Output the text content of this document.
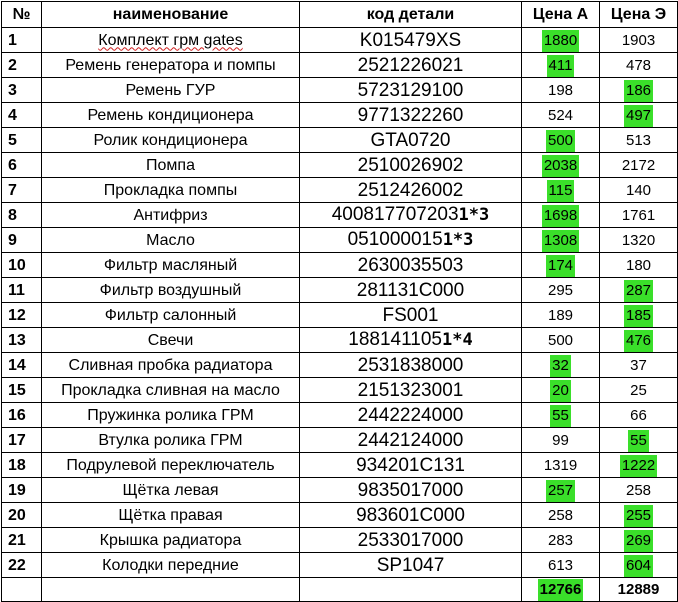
№	наименование	код детали	Цена А	Цена Э
1	Комплект грм gates	K015479XS	1880	1903
2	Ремень генератора и помпы	2521226021	411	478
3	Ремень ГУР	5723129100	198	186
4	Ремень кондиционера	9771322260	524	497
5	Ролик кондиционера	GTA0720	500	513
6	Помпа	2510026902	2038	2172
7	Прокладка помпы	2512426002	115	140
8	Антифриз	4008177072031*3	1698	1761
9	Масло	0510000151*3	1308	1320
10	Фильтр масляный	2630035503	174	180
11	Фильтр воздушный	281131C000	295	287
12	Фильтр салонный	FS001	189	185
13	Свечи	1881411051*4	500	476
14	Сливная пробка радиатора	2531838000	32	37
15	Прокладка сливная на масло	2151323001	20	25
16	Пружинка ролика ГРМ	2442224000	55	66
17	Втулка ролика ГРМ	2442124000	99	55
18	Подрулевой переключатель	934201C131	1319	1222
19	Щётка левая	9835017000	257	258
20	Щётка правая	983601C000	258	255
21	Крышка радиатора	2533017000	283	269
22	Колодки передние	SP1047	613	604
			12766	12889
